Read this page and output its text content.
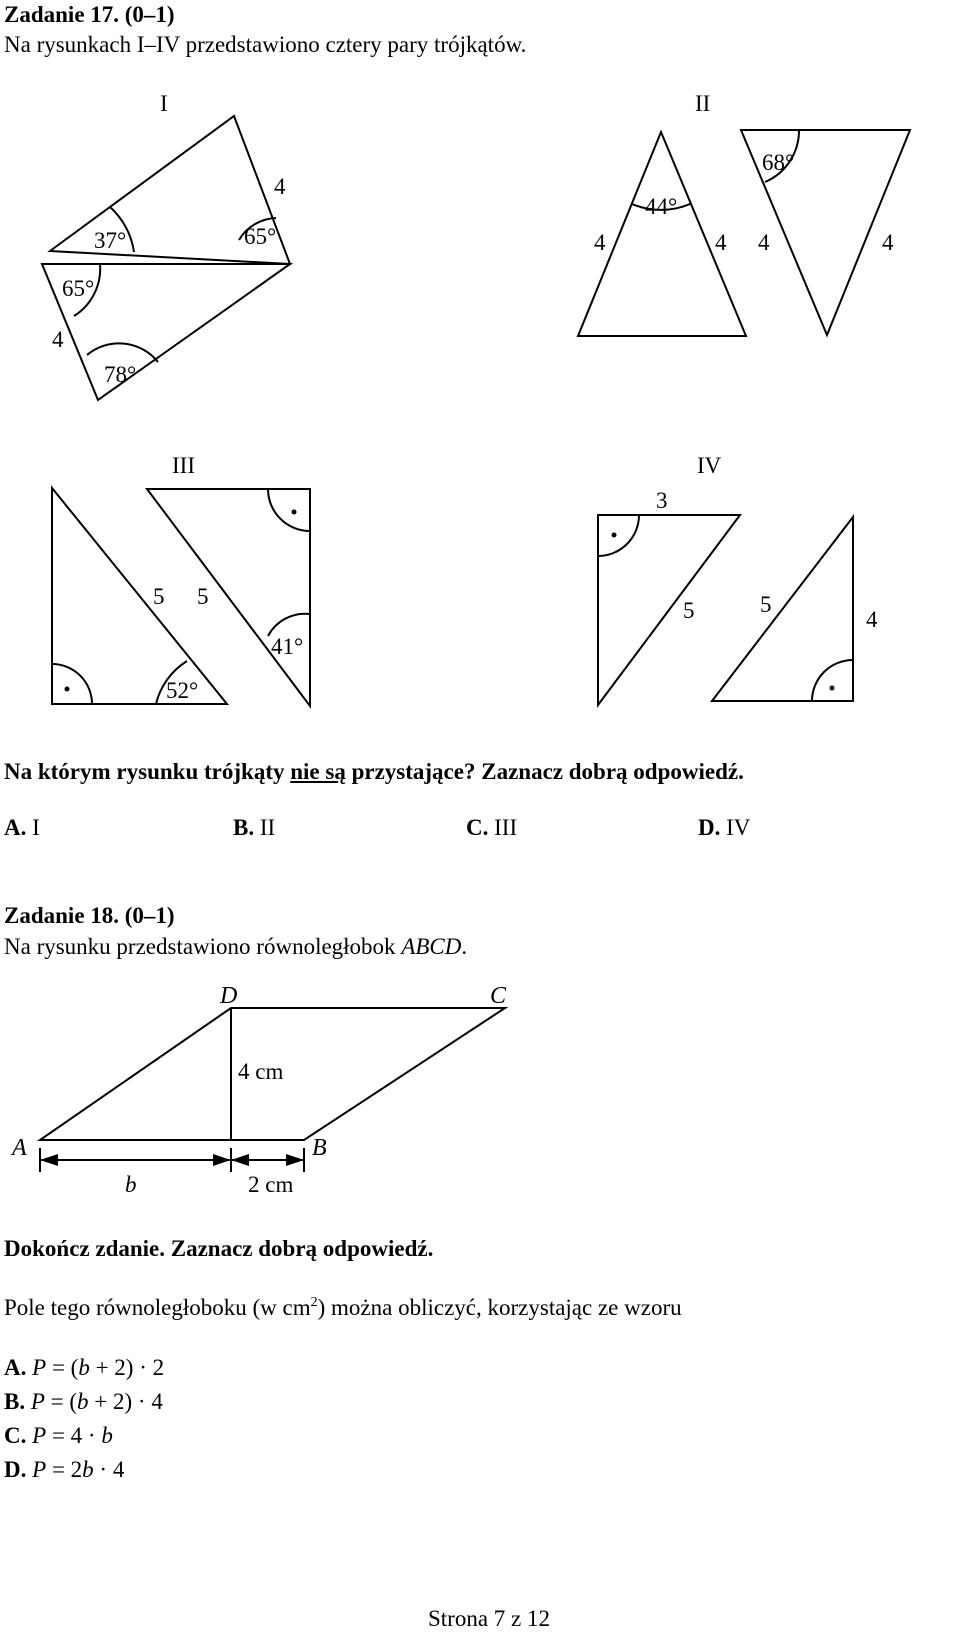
Zadanie 17. (0–1)
Na rysunkach I–IV przedstawiono cztery pary trójkątów.
I	II
III	IV
37°	65°
4
65°
4
78°
44°
68°
4	4 4	4
5 5
52°
41°
3
5	5
4
D	C
A	B
4 cm
b	2 cm
Na którym rysunku trójkąty nie są przystające? Zaznacz dobrą odpowiedź.
A. I	B. II	C. III	D. IV
Zadanie 18. (0–1)
Na rysunku przedstawiono równoległobok ABCD.
Dokończ zdanie. Zaznacz dobrą odpowiedź.
Pole tego równoległoboku (w $cm^2$) można obliczyć, korzystając ze wzoru
A. P = (b + 2) · 2
B. P = (b + 2) · 4
C. P = 4 · b
D. P = 2b · 4
Strona 7 z 12
